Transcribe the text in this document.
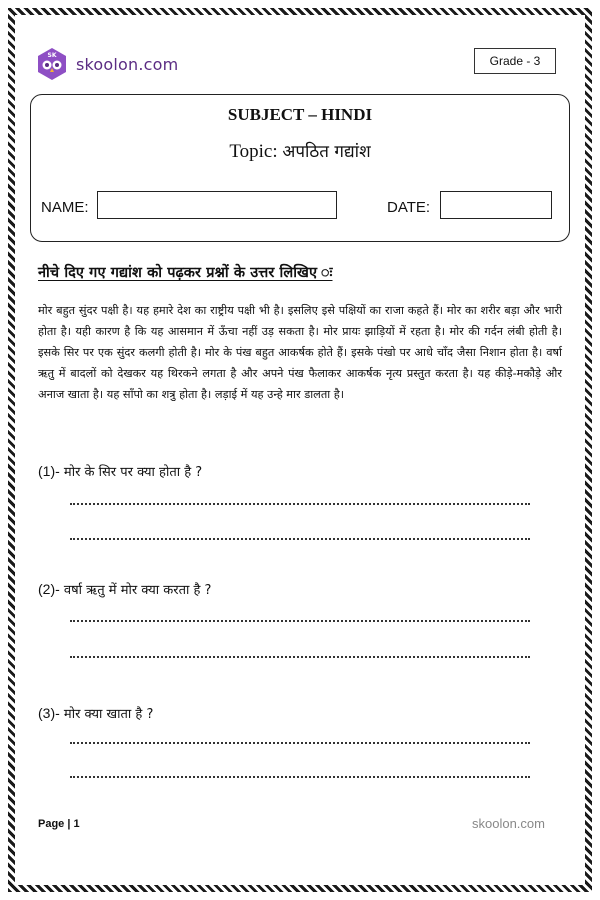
SK skoolon.com	Grade - 3
SUBJECT – HINDI
Topic: अपठित गद्यांश
NAME:	DATE:
नीचे दिए गए गद्यांश को पढ़कर प्रश्नों के उत्तर लिखिए ः

मोर बहुत सुंदर पक्षी है। यह हमारे देश का राष्ट्रीय पक्षी भी है। इसलिए इसे पक्षियों का राजा कहते हैं। मोर का शरीर बड़ा और भारी होता है। यही कारण है कि यह आसमान में ऊँचा नहीं उड़ सकता है। मोर प्रायः झाड़ियों में रहता है। मोर की गर्दन लंबी होती है। इसके सिर पर एक सुंदर कलगी होती है। मोर के पंख बहुत आकर्षक होते हैं। इसके पंखो पर आधे चाँद जैसा निशान होता है। वर्षा ऋतु में बादलों को देखकर यह थिरकने लगता है और अपने पंख फैलाकर आकर्षक नृत्य प्रस्तुत करता है। यह कीड़े-मकौड़े और अनाज खाता है। यह साँपो का शत्रु होता है। लड़ाई में यह उन्हे मार डालता है।

(1)- मोर के सिर पर क्या होता है ?
(2)- वर्षा ऋतु में मोर क्या करता है ?
(3)- मोर क्या खाता है ?
Page | 1	skoolon.com
